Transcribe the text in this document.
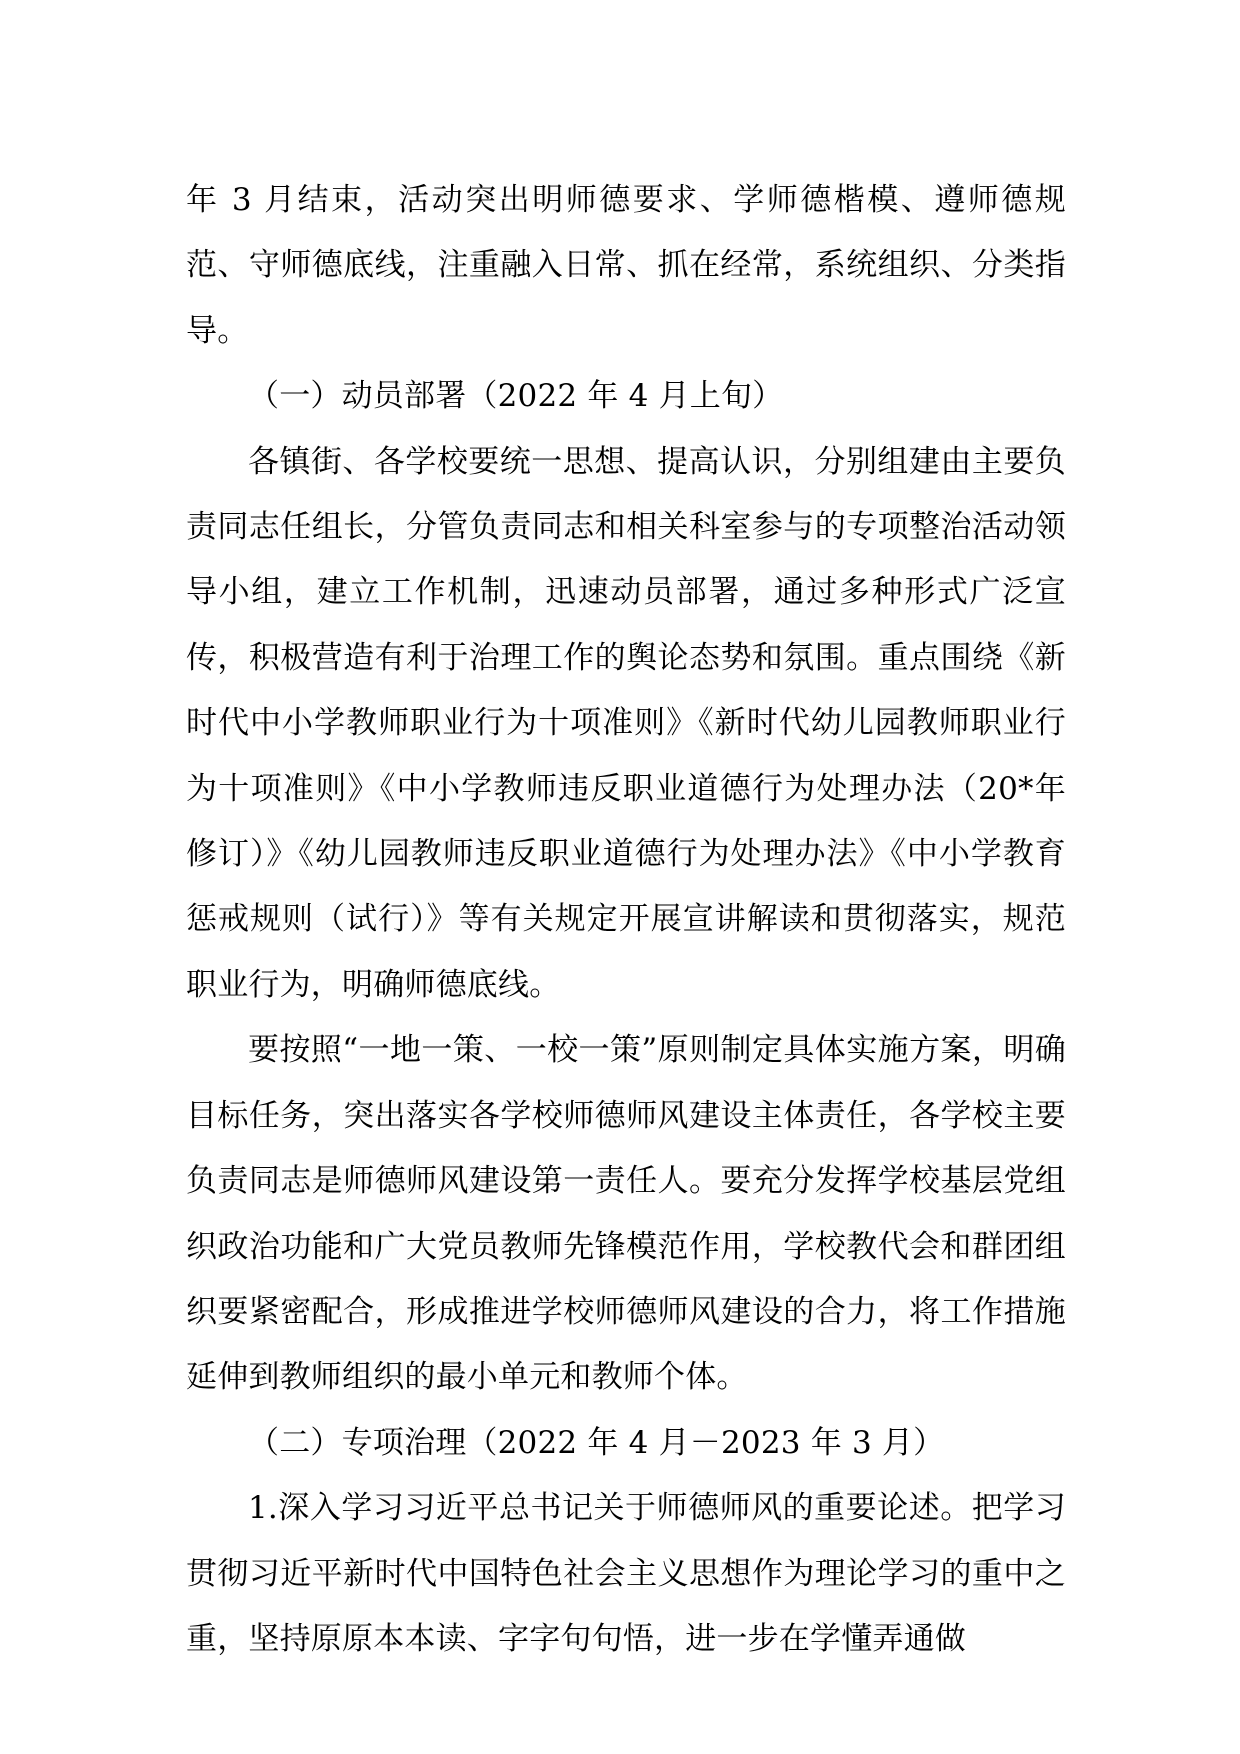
年 3 月结束，活动突出明师德要求、学师德楷模、遵师德规范、守师德底线，注重融入日常、抓在经常，系统组织、分类指导。

（一）动员部署（2022 年 4 月上旬）

各镇街、各学校要统一思想、提高认识，分别组建由主要负责同志任组长，分管负责同志和相关科室参与的专项整治活动领导小组，建立工作机制，迅速动员部署，通过多种形式广泛宣传，积极营造有利于治理工作的舆论态势和氛围。重点围绕《新时代中小学教师职业行为十项准则》《新时代幼儿园教师职业行为十项准则》《中小学教师违反职业道德行为处理办法（20*年修订）》《幼儿园教师违反职业道德行为处理办法》《中小学教育惩戒规则（试行）》等有关规定开展宣讲解读和贯彻落实，规范职业行为，明确师德底线。

要按照“一地一策、一校一策”原则制定具体实施方案，明确目标任务，突出落实各学校师德师风建设主体责任，各学校主要负责同志是师德师风建设第一责任人。要充分发挥学校基层党组织政治功能和广大党员教师先锋模范作用，学校教代会和群团组织要紧密配合，形成推进学校师德师风建设的合力，将工作措施延伸到教师组织的最小单元和教师个体。

（二）专项治理（2022 年 4 月－2023 年 3 月）

1.深入学习习近平总书记关于师德师风的重要论述。把学习贯彻习近平新时代中国特色社会主义思想作为理论学习的重中之重，坚持原原本本读、字字句句悟，进一步在学懂弄通做
